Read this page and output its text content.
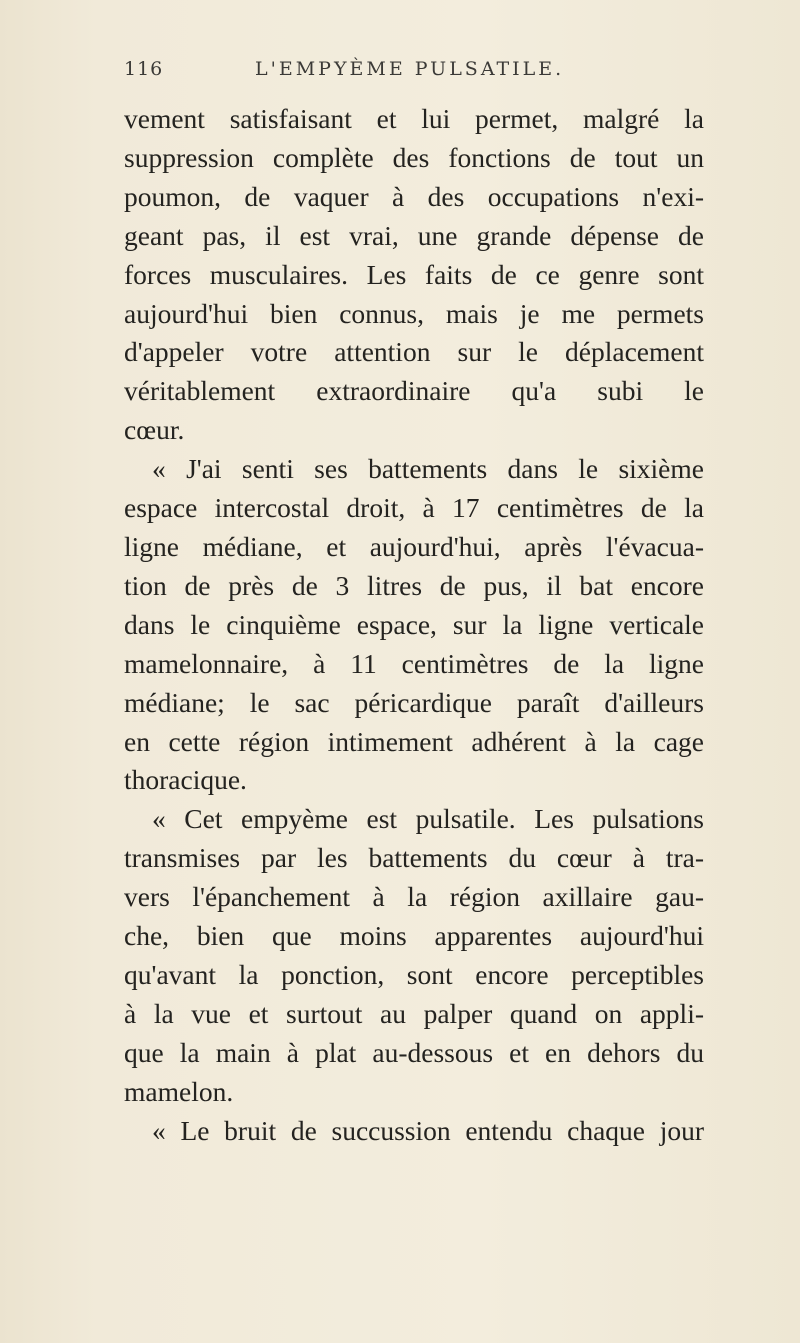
116	L'EMPYÈME PULSATILE.
vement satisfaisant et lui permet, malgré la
suppression complète des fonctions de tout un
poumon, de vaquer à des occupations n'exi-
geant pas, il est vrai, une grande dépense de
forces musculaires. Les faits de ce genre sont
aujourd'hui bien connus, mais je me permets
d'appeler votre attention sur le déplacement
véritablement extraordinaire qu'a subi le
cœur.
« J'ai senti ses battements dans le sixième
espace intercostal droit, à 17 centimètres de la
ligne médiane, et aujourd'hui, après l'évacua-
tion de près de 3 litres de pus, il bat encore
dans le cinquième espace, sur la ligne verticale
mamelonnaire, à 11 centimètres de la ligne
médiane; le sac péricardique paraît d'ailleurs
en cette région intimement adhérent à la cage
thoracique.
« Cet empyème est pulsatile. Les pulsations
transmises par les battements du cœur à tra-
vers l'épanchement à la région axillaire gau-
che, bien que moins apparentes aujourd'hui
qu'avant la ponction, sont encore perceptibles
à la vue et surtout au palper quand on appli-
que la main à plat au-dessous et en dehors du
mamelon.
« Le bruit de succussion entendu chaque jour
